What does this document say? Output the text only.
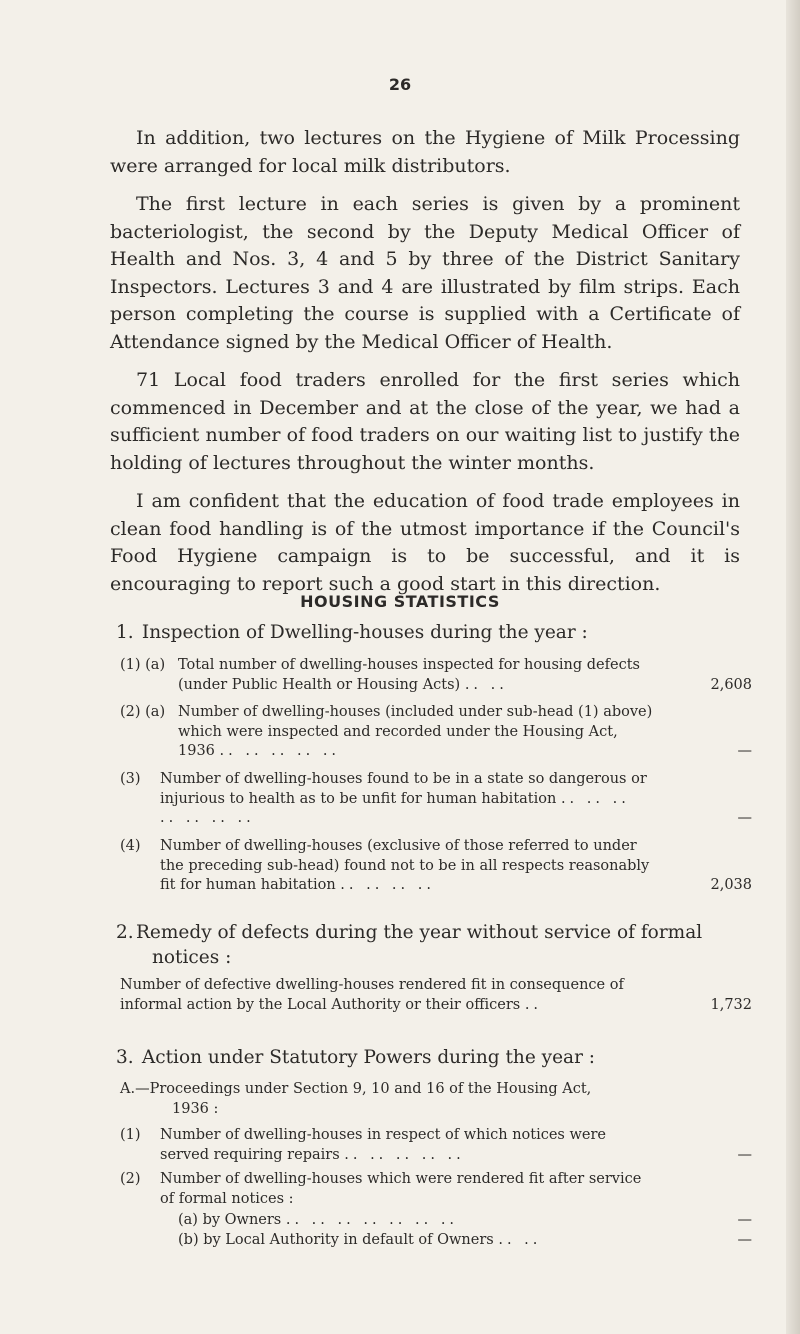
26

In addition, two lectures on the Hygiene of Milk Processing were arranged for local milk distributors.

The first lecture in each series is given by a prominent bacteriologist, the second by the Deputy Medical Officer of Health and Nos. 3, 4 and 5 by three of the District Sanitary Inspectors. Lectures 3 and 4 are illustrated by film strips. Each person completing the course is supplied with a Certificate of Attendance signed by the Medical Officer of Health.

71 Local food traders enrolled for the first series which commenced in December and at the close of the year, we had a sufficient number of food traders on our waiting list to justify the holding of lectures throughout the winter months.

I am confident that the education of food trade employees in clean food handling is of the utmost importance if the Council's Food Hygiene campaign is to be successful, and it is encouraging to report such a good start in this direction.

HOUSING STATISTICS
1. Inspection of Dwelling-houses during the year :
(1) (a) Total number of dwelling-houses inspected for housing defects (under Public Health or Housing Acts) .. ..	2,608
(2) (a) Number of dwelling-houses (included under sub-head (1) above) which were inspected and recorded under the Housing Act, 1936 .. .. .. .. ..	—
(3) Number of dwelling-houses found to be in a state so dangerous or injurious to health as to be unfit for human habitation .. .. .. .. .. .. ..	—
(4) Number of dwelling-houses (exclusive of those referred to under the preceding sub-head) found not to be in all respects reasonably fit for human habitation .. .. .. ..	2,038
2. Remedy of defects during the year without service of formal
notices :
Number of defective dwelling-houses rendered fit in consequence of informal action by the Local Authority or their officers ..	1,732
3. Action under Statutory Powers during the year :
A.—Proceedings under Section 9, 10 and 16 of the Housing Act,
1936 :
(1) Number of dwelling-houses in respect of which notices were served requiring repairs .. .. .. .. ..	—
(2) Number of dwelling-houses which were rendered fit after service of formal notices :
(a) by Owners .. .. .. .. .. .. ..	—
(b) by Local Authority in default of Owners .. ..	—
